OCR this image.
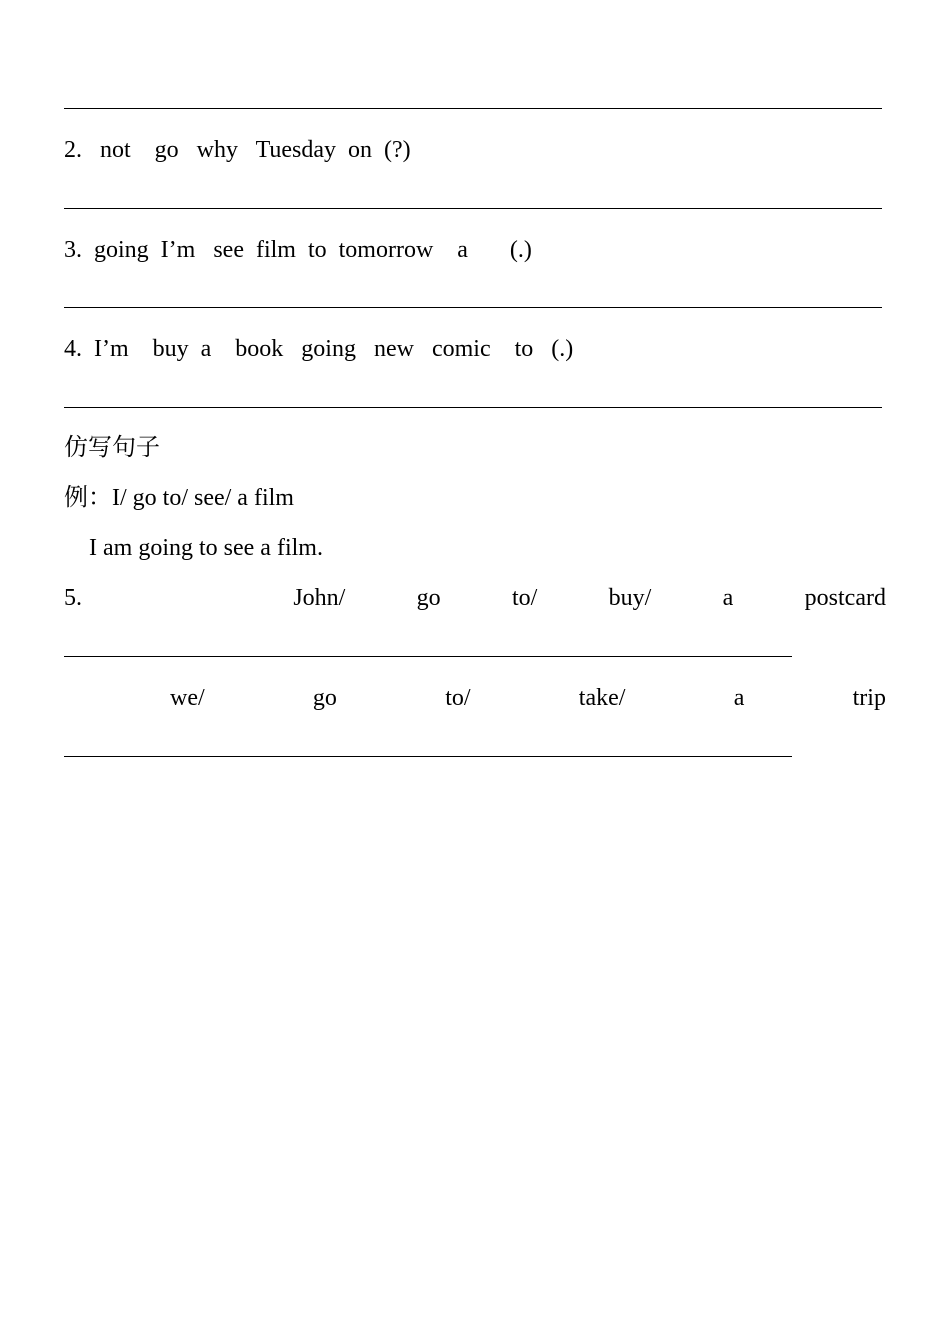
2.   not    go   why   Tuesday  on  (?)
3.  going  I’m   see  film  to  tomorrow    a       (.)
4.  I’m    buy  a    book   going   new   comic    to   (.)
仿写句子
例：I/ go to/ see/ a film
I am going to see a film.
5.	John/	go	to/	buy/	a	postcard
we/	go	to/	take/	a	trip
